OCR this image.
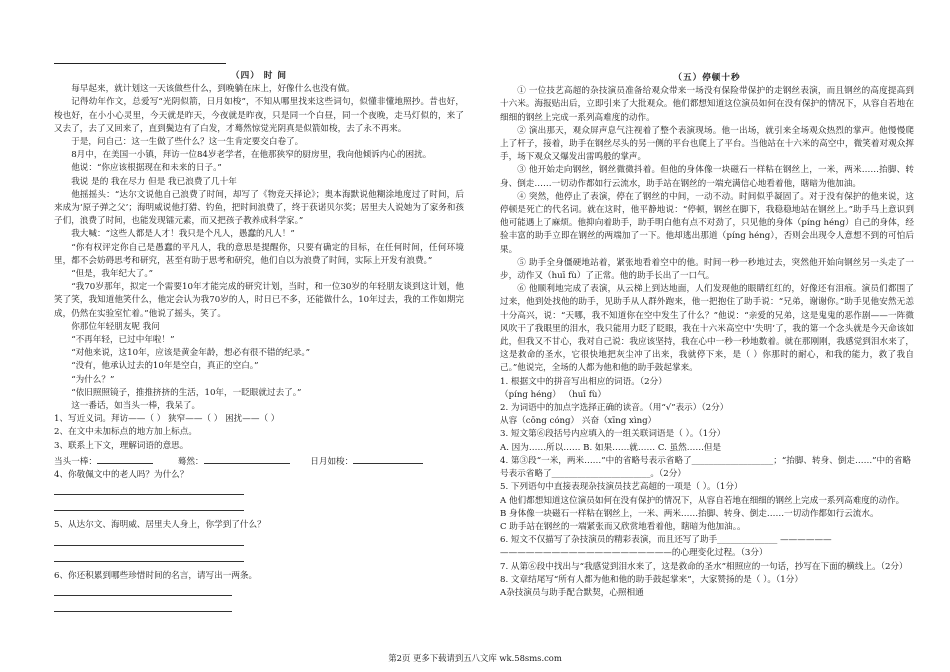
（四） 时 间

每早起来，就计划这一天该做些什么，到晚躺在床上，好像什么也没有做。

记得幼年作文，总爱写“光阴似箭，日月如梭”，不知从哪里找来这些词句，似懂非懂地照抄。昔也好，梭也好，在小小心灵里，今天就是昨天，今夜就是昨夜，只是同一个白昼，同一个夜晚，走马灯似的，来了又去了，去了又回来了，直到鬓边有了白发，才蓦然惊觉光阴真是似箭如梭，去了永不再来。

于是，问自己：这一生做了些什么？这一生肯定要交白卷了。

8月中，在美国一小镇，拜访一位84岁老学者，在他那狭窄的厨房里，我向他倾诉内心的困扰。

他说：“你应该根据现在和未来的日子。”

我说 是的 我在尽力 但是 我已浪费了几十年

他摇摇头：“达尔文说他自己浪费了时间，却写了《物竞天择论》；奥本海默说他糊涂地度过了时间，后来成为‘原子弹之父’；海明威说他打猎、钓鱼，把时间浪费了，终于获诺贝尔奖；居里夫人说她为了家务和孩子们，浪费了时间，也能发现镭元素，而又把孩子教养成科学家。”

我大喊：“这些人都是人才！我只是个凡人，愚蠢的凡人！”

“你有权评定你自己是愚蠢的平凡人，我的意思是提醒你，只要有确定的目标，在任何时间，任何环境里，都不会妨碍思考和研究，甚至有助于思考和研究，他们自以为浪费了时间，实际上开发有浪费。”

“但是，我年纪大了。”

“我70岁那年，拟定一个需要10年才能完成的研究计划，当时，和一位30岁的年轻朋友谈到这计划，他笑了笑，我知道他笑什么，他定会认为我70岁的人，时日已不多，还能做什么，10年过去，我的工作如期完成，仍然在实验室忙着。”他说了摇头，笑了。

你那位年轻朋友呢 我问

“不再年轻，已过中年啦！”

“对他来说，这10年，应该是黄金年龄，想必有很不错的纪录。”

“没有，他承认过去的10年是空白，真正的空白。”

“为什么？”

“依旧照照镜子，推推挤挤的生活，10年，一眨眼就过去了。”

这一番话，如当头一棒，我呆了。

1、写近义词。拜访——（ ） 狭窄——（ ） 困扰——（ ）

2、在文中未加标点的地方加上标点。

3、联系上下文，理解词语的意思。

当头一棒：	蓦然：	日月如梭：

4、你敬佩文中的老人吗？为什么？

5、从达尔文、海明威、居里夫人身上，你学到了什么？

6、你还积累到哪些珍惜时间的名言，请写出一两条。

（五）停顿十秒

① 一位技艺高超的杂技演员准备给观众带来一场没有保险带保护的走钢丝表演，而且钢丝的高度提高到十六米。海报贴出后，立即引来了大批观众。他们都想知道这位演员如何在没有保护的情况下，从容自若地在细细的钢丝上完成一系列高难度的动作。

② 演出那天，观众屏声息气注视着了整个表演现场。他一出场，就引来全场观众热烈的掌声。他慢慢爬上了杆子，接着，助手在钢丝尽头的另一侧的平台也爬上了平台。当他站在十六米的高空中，微笑着对观众挥手，场下观众又爆发出雷鸣般的掌声。

③ 他开始走向钢丝，钢丝微微抖着。但他的身体像一块磁石一样粘在钢丝上，一米，两米……抬脚、转身、倒走……一切动作都如行云流水，助手站在钢丝的一端充满信心地看着他，瞎暗为他加油。

④ 突然，他停止了表演，停在了钢丝的中间，一动不动。时间似乎凝固了。对于没有保护的他来说，这停顿是死亡的代名词。就在这时，他平静地说：“停顿，钢丝在脚下，我稳稳地站在钢丝上。”助手马上意识到他可能遇上了麻烦。他抑向着助手，助手明白他有点不对劲了，只见他的身体（píng héng）自己的身体，经验丰富的助手立即在钢丝的两端加了一下。他却逃出那道（píng héng），否则会出现令人意想不到的可怕后果。

⑤ 助手全身僵硬地站着，紧张地看着空中的他。时间一秒一秒地过去，突然他开始向钢丝另一头走了一步，动作又（huī fù）了正常。他的助手长出了一口气。

⑥ 他顺利地完成了表演，从云梯上到达地面，人们发现他的眼睛红红的，好像还有泪痕。演员们都围了过来，他到处找他的助手，见助手从人群外跑来，他一把抱住了助手说：“兄弟，谢谢你。”助手见他安然无恙十分高兴，说：“天哪，我不知道你在空中发生了什么？”他说：“亲爱的兄弟，这是鬼鬼的恶作剧——一阵微风吹干了我眼里的泪水，我只能用力眨了眨眼，我在十六米高空中‘失明’了，我的第一个念头就是今天命该如此，但我又不甘心，我对自己说：我应该坚持，我在心中一秒一秒地数着。就在那刚刚，我感觉到泪水来了，这是救命的圣水，它很快地把灰尘冲了出来，我就停下来，是（ ）你那时的耐心，和我的能力，救了我自己。”他说完，全场的人都为他和他的助手鼓起掌来。

1. 根据文中的拼音写出相应的词语。（2分）

（píng héng） （huī fù）

2. 为词语中的加点字选择正确的读音。（用“√”表示）（2分）

从容（cōng cóng） 兴奋（xīng xìng）

3. 短文第⑥段括号内应填入的一组关联词语是（ ）。（1分）

A. 因为……所以…… B. 如果……就…… C. 虽然……但是

4. 第③段“一米，两米……”中的省略号表示省略了___________________；“抬脚、转身、倒走……”中的省略号表示省略了_______________________。（2分）

5. 下列语句中直接表现杂技演员技艺高超的一项是（ ）。（1分）

A 他们都想知道这位演员如何在没有保护的情况下，从容自若地在细细的钢丝上完成一系列高难度的动作。

B 身体像一块磁石一样粘在钢丝上，一米、两米……抬脚、转身、倒走……一切动作都如行云流水。

C 助手站在钢丝的一端紧张而又欣赏地看着他，瞎暗为他加油。。

6. 短文不仅描写了杂技演员的精彩表演，而且还写了助手______________ —————— ————————————————————的心理变化过程。（3分）

7. 从第⑥段中找出与“我感觉到泪水来了，这是救命的圣水”相照应的一句话，抄写在下面的横线上。（2分）

8. 文章结尾写“所有人都为他和他的助手鼓起掌来”，大家赞扬的是（ ）。（1分）

A杂技演员与助手配合默契，心照相通

第2页 更多下载请到五八文库 wk.58sms.com
